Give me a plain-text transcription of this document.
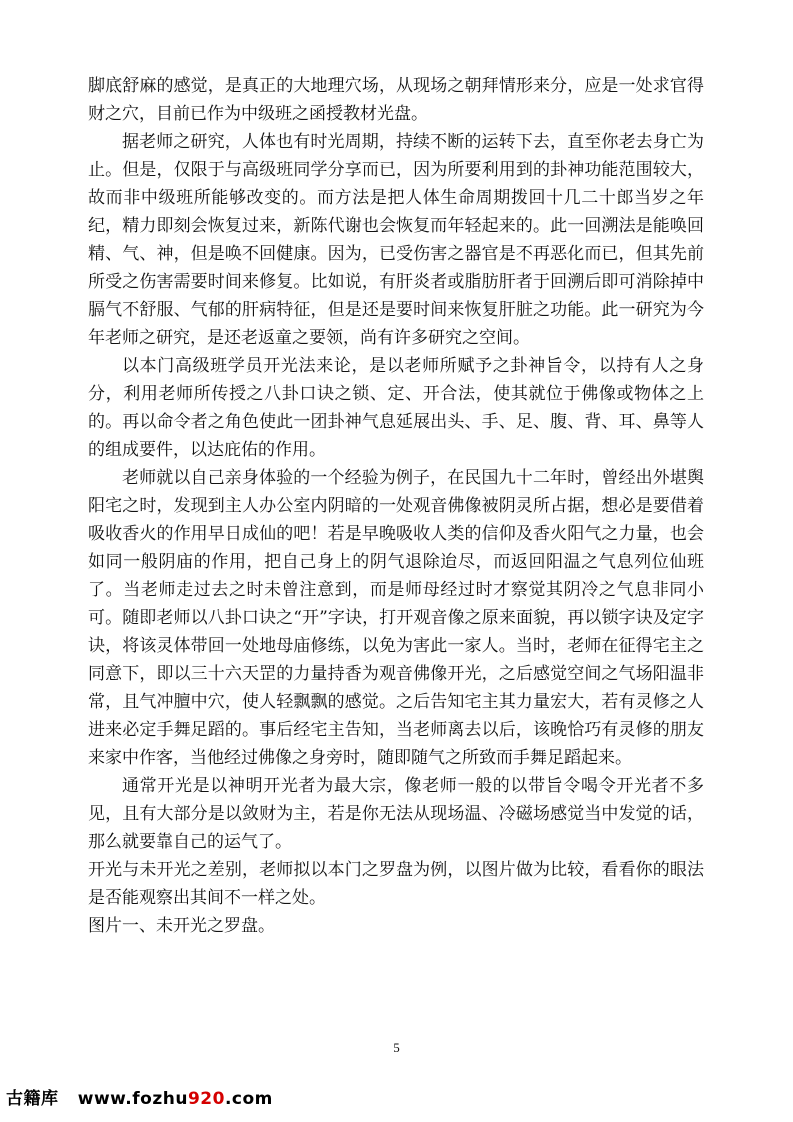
脚底舒麻的感觉，是真正的大地理穴场，从现场之朝拜情形来分，应是一处求官得财之穴，目前已作为中级班之函授教材光盘。

据老师之研究，人体也有时光周期，持续不断的运转下去，直至你老去身亡为止。但是，仅限于与高级班同学分享而已，因为所要利用到的卦神功能范围较大，故而非中级班所能够改变的。而方法是把人体生命周期拨回十几二十郎当岁之年纪，精力即刻会恢复过来，新陈代谢也会恢复而年轻起来的。此一回溯法是能唤回精、气、神，但是唤不回健康。因为，已受伤害之器官是不再恶化而已，但其先前所受之伤害需要时间来修复。比如说，有肝炎者或脂肪肝者于回溯后即可消除掉中膈气不舒服、气郁的肝病特征，但是还是要时间来恢复肝脏之功能。此一研究为今年老师之研究，是还老返童之要领，尚有许多研究之空间。

以本门高级班学员开光法来论，是以老师所赋予之卦神旨令，以持有人之身分，利用老师所传授之八卦口诀之锁、定、开合法，使其就位于佛像或物体之上的。再以命令者之角色使此一团卦神气息延展出头、手、足、腹、背、耳、鼻等人的组成要件，以达庇佑的作用。

老师就以自己亲身体验的一个经验为例子，在民国九十二年时，曾经出外堪舆阳宅之时，发现到主人办公室内阴暗的一处观音佛像被阴灵所占据，想必是要借着吸收香火的作用早日成仙的吧！若是早晚吸收人类的信仰及香火阳气之力量，也会如同一般阴庙的作用，把自己身上的阴气退除迨尽，而返回阳温之气息列位仙班了。当老师走过去之时未曾注意到，而是师母经过时才察觉其阴冷之气息非同小可。随即老师以八卦口诀之“开”字诀，打开观音像之原来面貌，再以锁字诀及定字诀，将该灵体带回一处地母庙修练，以免为害此一家人。当时，老师在征得宅主之同意下，即以三十六天罡的力量持香为观音佛像开光，之后感觉空间之气场阳温非常，且气冲膻中穴，使人轻飘飘的感觉。之后告知宅主其力量宏大，若有灵修之人进来必定手舞足蹈的。事后经宅主告知，当老师离去以后，该晚恰巧有灵修的朋友来家中作客，当他经过佛像之身旁时，随即随气之所致而手舞足蹈起来。

通常开光是以神明开光者为最大宗，像老师一般的以带旨令喝令开光者不多见，且有大部分是以敛财为主，若是你无法从现场温、冷磁场感觉当中发觉的话，那么就要靠自己的运气了。

开光与未开光之差别，老师拟以本门之罗盘为例，以图片做为比较，看看你的眼法是否能观察出其间不一样之处。

图片一、未开光之罗盘。

5
古籍库 www.fozhu920.com
